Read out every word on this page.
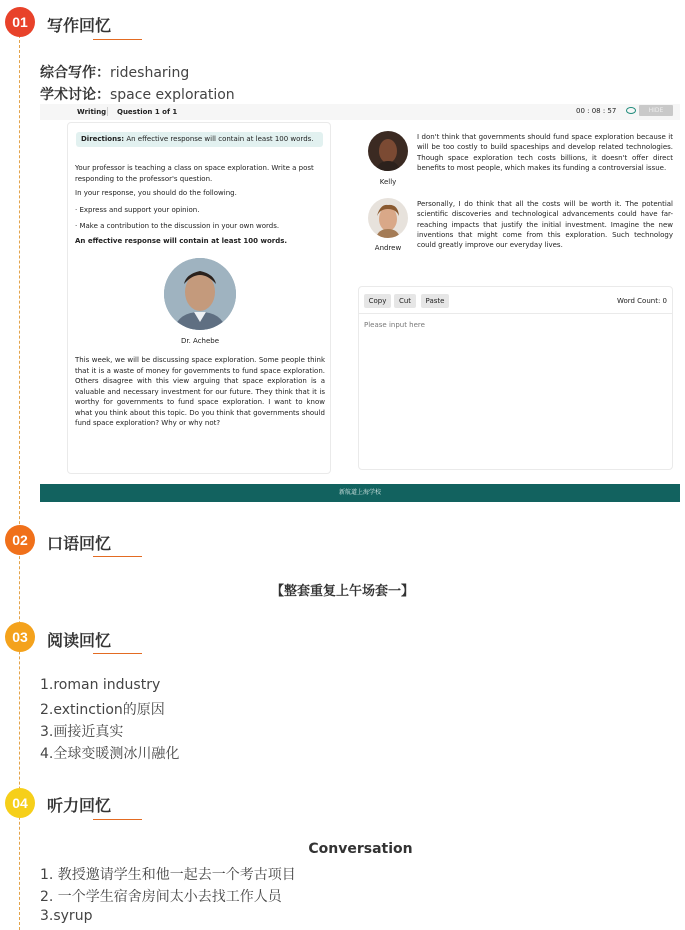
01	写作回忆
综合写作：ridesharing
学术讨论：space exploration
Writing Question 1 of 1	00 : 08 : 57	HIDE
Directions: An effective response will contain at least 100 words.
Your professor is teaching a class on space exploration. Write a post responding to the professor's question.
In your response, you should do the following.
· Express and support your opinion.
· Make a contribution to the discussion in your own words.
An effective response will contain at least 100 words.
Dr. Achebe
This week, we will be discussing space exploration. Some people think that it is a waste of money for governments to fund space exploration. Others disagree with this view arguing that space exploration is a valuable and necessary investment for our future. They think that it is worthy for governments to fund space exploration. I want to know what you think about this topic. Do you think that governments should fund space exploration? Why or why not?
Kelly
I don't think that governments should fund space exploration because it will be too costly to build spaceships and develop related technologies. Though space exploration tech costs billions, it doesn't offer direct benefits to most people, which makes its funding a controversial issue.
Andrew
Personally, I do think that all the costs will be worth it. The potential scientific discoveries and technological advancements could have far-reaching impacts that justify the initial investment. Imagine the new inventions that might come from this exploration. Such technology could greatly improve our everyday lives.
Copy	Cut	Paste	Word Count: 0
Please input here
新航道上海学校
02	口语回忆
【整套重复上午场套一】
03	阅读回忆
1.roman industry
2.extinction的原因
3.画接近真实
4.全球变暖测冰川融化
04	听力回忆
Conversation
1. 教授邀请学生和他一起去一个考古项目
2. 一个学生宿舍房间太小去找工作人员
3.syrup
